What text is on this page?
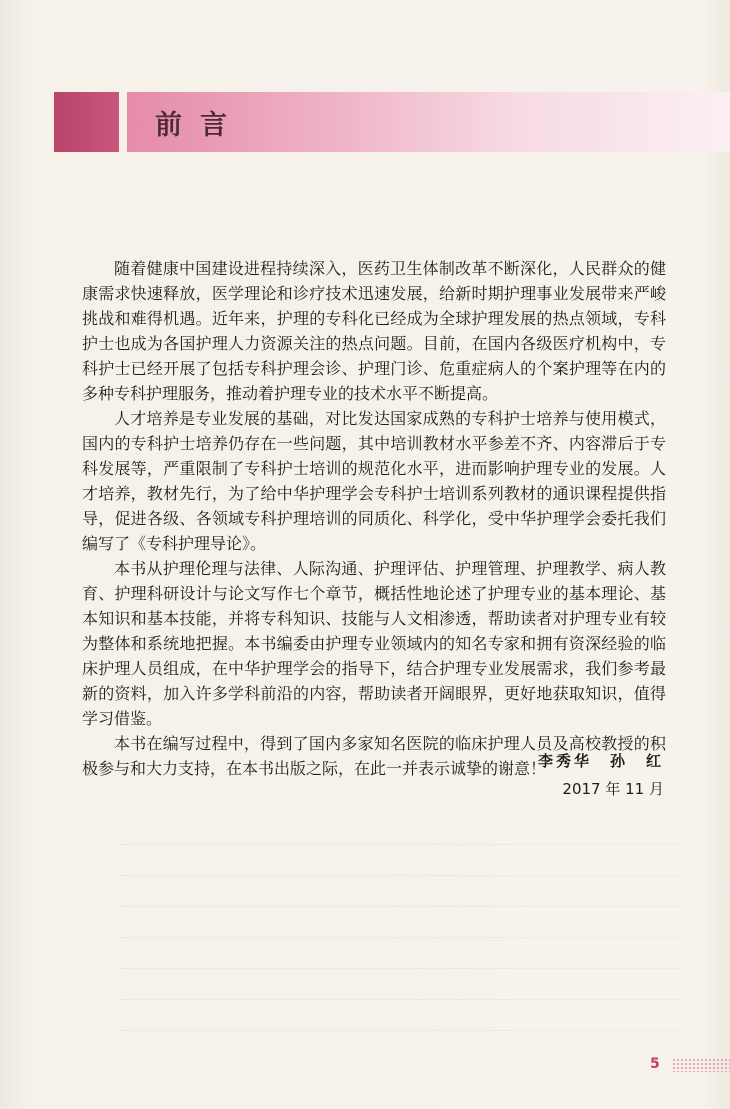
前言

随着健康中国建设进程持续深入，医药卫生体制改革不断深化，人民群众的健康需求快速释放，医学理论和诊疗技术迅速发展，给新时期护理事业发展带来严峻挑战和难得机遇。近年来，护理的专科化已经成为全球护理发展的热点领域，专科护士也成为各国护理人力资源关注的热点问题。目前，在国内各级医疗机构中，专科护士已经开展了包括专科护理会诊、护理门诊、危重症病人的个案护理等在内的多种专科护理服务，推动着护理专业的技术水平不断提高。

人才培养是专业发展的基础，对比发达国家成熟的专科护士培养与使用模式，国内的专科护士培养仍存在一些问题，其中培训教材水平参差不齐、内容滞后于专科发展等，严重限制了专科护士培训的规范化水平，进而影响护理专业的发展。人才培养，教材先行，为了给中华护理学会专科护士培训系列教材的通识课程提供指导，促进各级、各领域专科护理培训的同质化、科学化，受中华护理学会委托我们编写了《专科护理导论》。

本书从护理伦理与法律、人际沟通、护理评估、护理管理、护理教学、病人教育、护理科研设计与论文写作七个章节，概括性地论述了护理专业的基本理论、基本知识和基本技能，并将专科知识、技能与人文相渗透，帮助读者对护理专业有较为整体和系统地把握。本书编委由护理专业领域内的知名专家和拥有资深经验的临床护理人员组成，在中华护理学会的指导下，结合护理专业发展需求，我们参考最新的资料，加入许多学科前沿的内容，帮助读者开阔眼界，更好地获取知识，值得学习借鉴。

本书在编写过程中，得到了国内多家知名医院的临床护理人员及高校教授的积极参与和大力支持，在本书出版之际，在此一并表示诚挚的谢意！

李秀华　孙　红
2017 年 11 月
5
